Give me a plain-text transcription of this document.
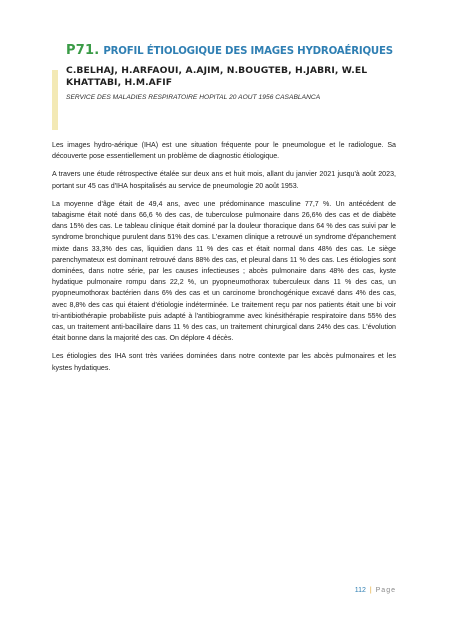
P71. PROFIL ÉTIOLOGIQUE DES IMAGES HYDROAÉRIQUES
C.BELHAJ, H.ARFAOUI, A.AJIM, N.BOUGTEB, H.JABRI, W.EL KHATTABI, H.M.AFIF
SERVICE DES MALADIES RESPIRATOIRE HOPITAL 20 AOUT 1956 CASABLANCA

Les images hydro-aérique (IHA) est une situation fréquente pour le pneumologue et le radiologue. Sa découverte pose essentiellement un problème de diagnostic étiologique.

A travers une étude rétrospective étalée sur deux ans et huit mois, allant du janvier 2021 jusqu'à août 2023, portant sur 45 cas d'IHA hospitalisés au service de pneumologie 20 août 1953.

La moyenne d'âge était de 49,4 ans, avec une prédominance masculine 77,7 %. Un antécédent de tabagisme était noté dans 66,6 % des cas, de tuberculose pulmonaire dans 26,6% des cas et de diabète dans 15% des cas. Le tableau clinique était dominé par la douleur thoracique dans 64 % des cas suivi par le syndrome bronchique purulent dans 51% des cas. L'examen clinique a retrouvé un syndrome d'épanchement mixte dans 33,3% des cas, liquidien dans 11 % des cas et était normal dans 48% des cas. Le siège parenchymateux est dominant retrouvé dans 88% des cas, et pleural dans 11 % des cas. Les étiologies sont dominées, dans notre série, par les causes infectieuses ; abcès pulmonaire dans 48% des cas, kyste hydatique pulmonaire rompu dans 22,2 %, un pyopneumothorax tuberculeux dans 11 % des cas, un pyopneumothorax bactérien dans 6% des cas et un carcinome bronchogénique excavé dans 4% des cas, avec 8,8% des cas qui étaient d'étiologie indéterminée. Le traitement reçu par nos patients était une bi voir tri-antibiothérapie probabiliste puis adapté à l'antibiogramme avec kinésithérapie respiratoire dans 55% des cas, un traitement anti-bacillaire dans 11 % des cas, un traitement chirurgical dans 24% des cas. L'évolution était bonne dans la majorité des cas. On déplore 4 décès.

Les étiologies des IHA sont très variées dominées dans notre contexte par les abcès pulmonaires et les kystes hydatiques.

112 | Page
